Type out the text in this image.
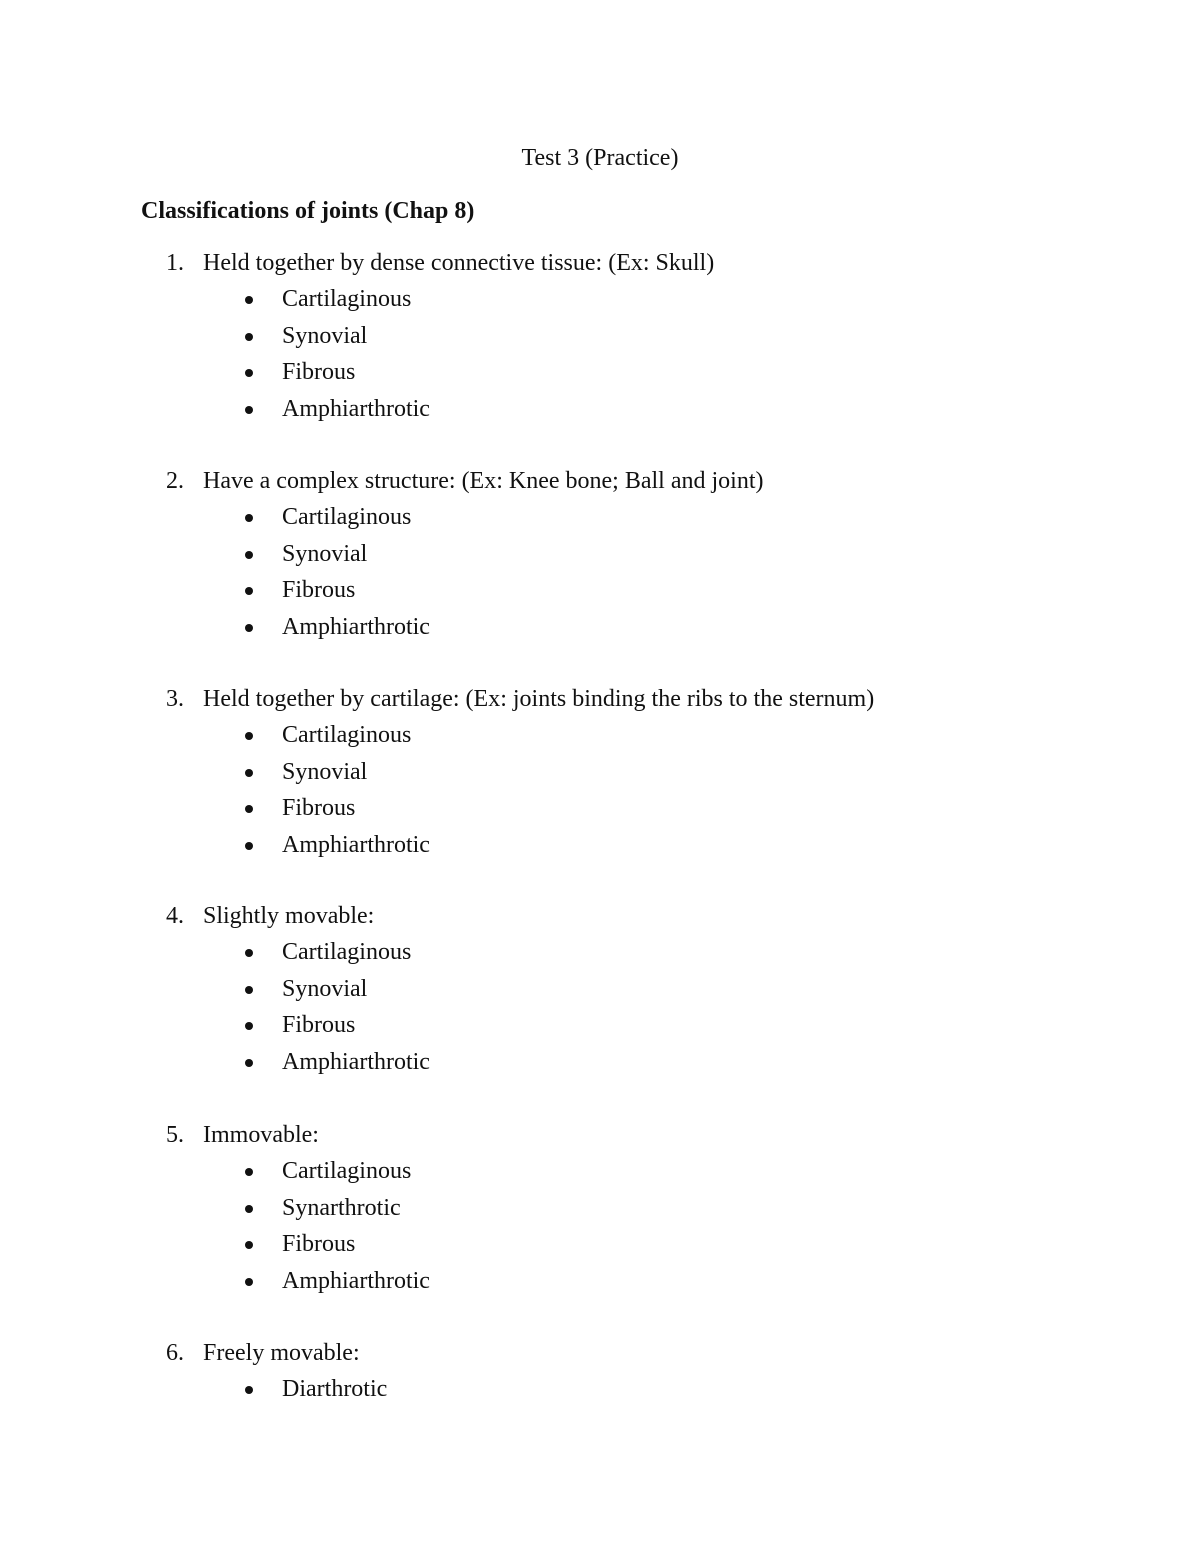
Test 3 (Practice)
Classifications of joints (Chap 8)
1. Held together by dense connective tissue: (Ex: Skull)
Cartilaginous
Synovial
Fibrous
Amphiarthrotic
2. Have a complex structure: (Ex: Knee bone; Ball and joint)
Cartilaginous
Synovial
Fibrous
Amphiarthrotic
3. Held together by cartilage: (Ex: joints binding the ribs to the sternum)
Cartilaginous
Synovial
Fibrous
Amphiarthrotic
4. Slightly movable:
Cartilaginous
Synovial
Fibrous
Amphiarthrotic
5. Immovable:
Cartilaginous
Synarthrotic
Fibrous
Amphiarthrotic
6. Freely movable:
Diarthrotic
